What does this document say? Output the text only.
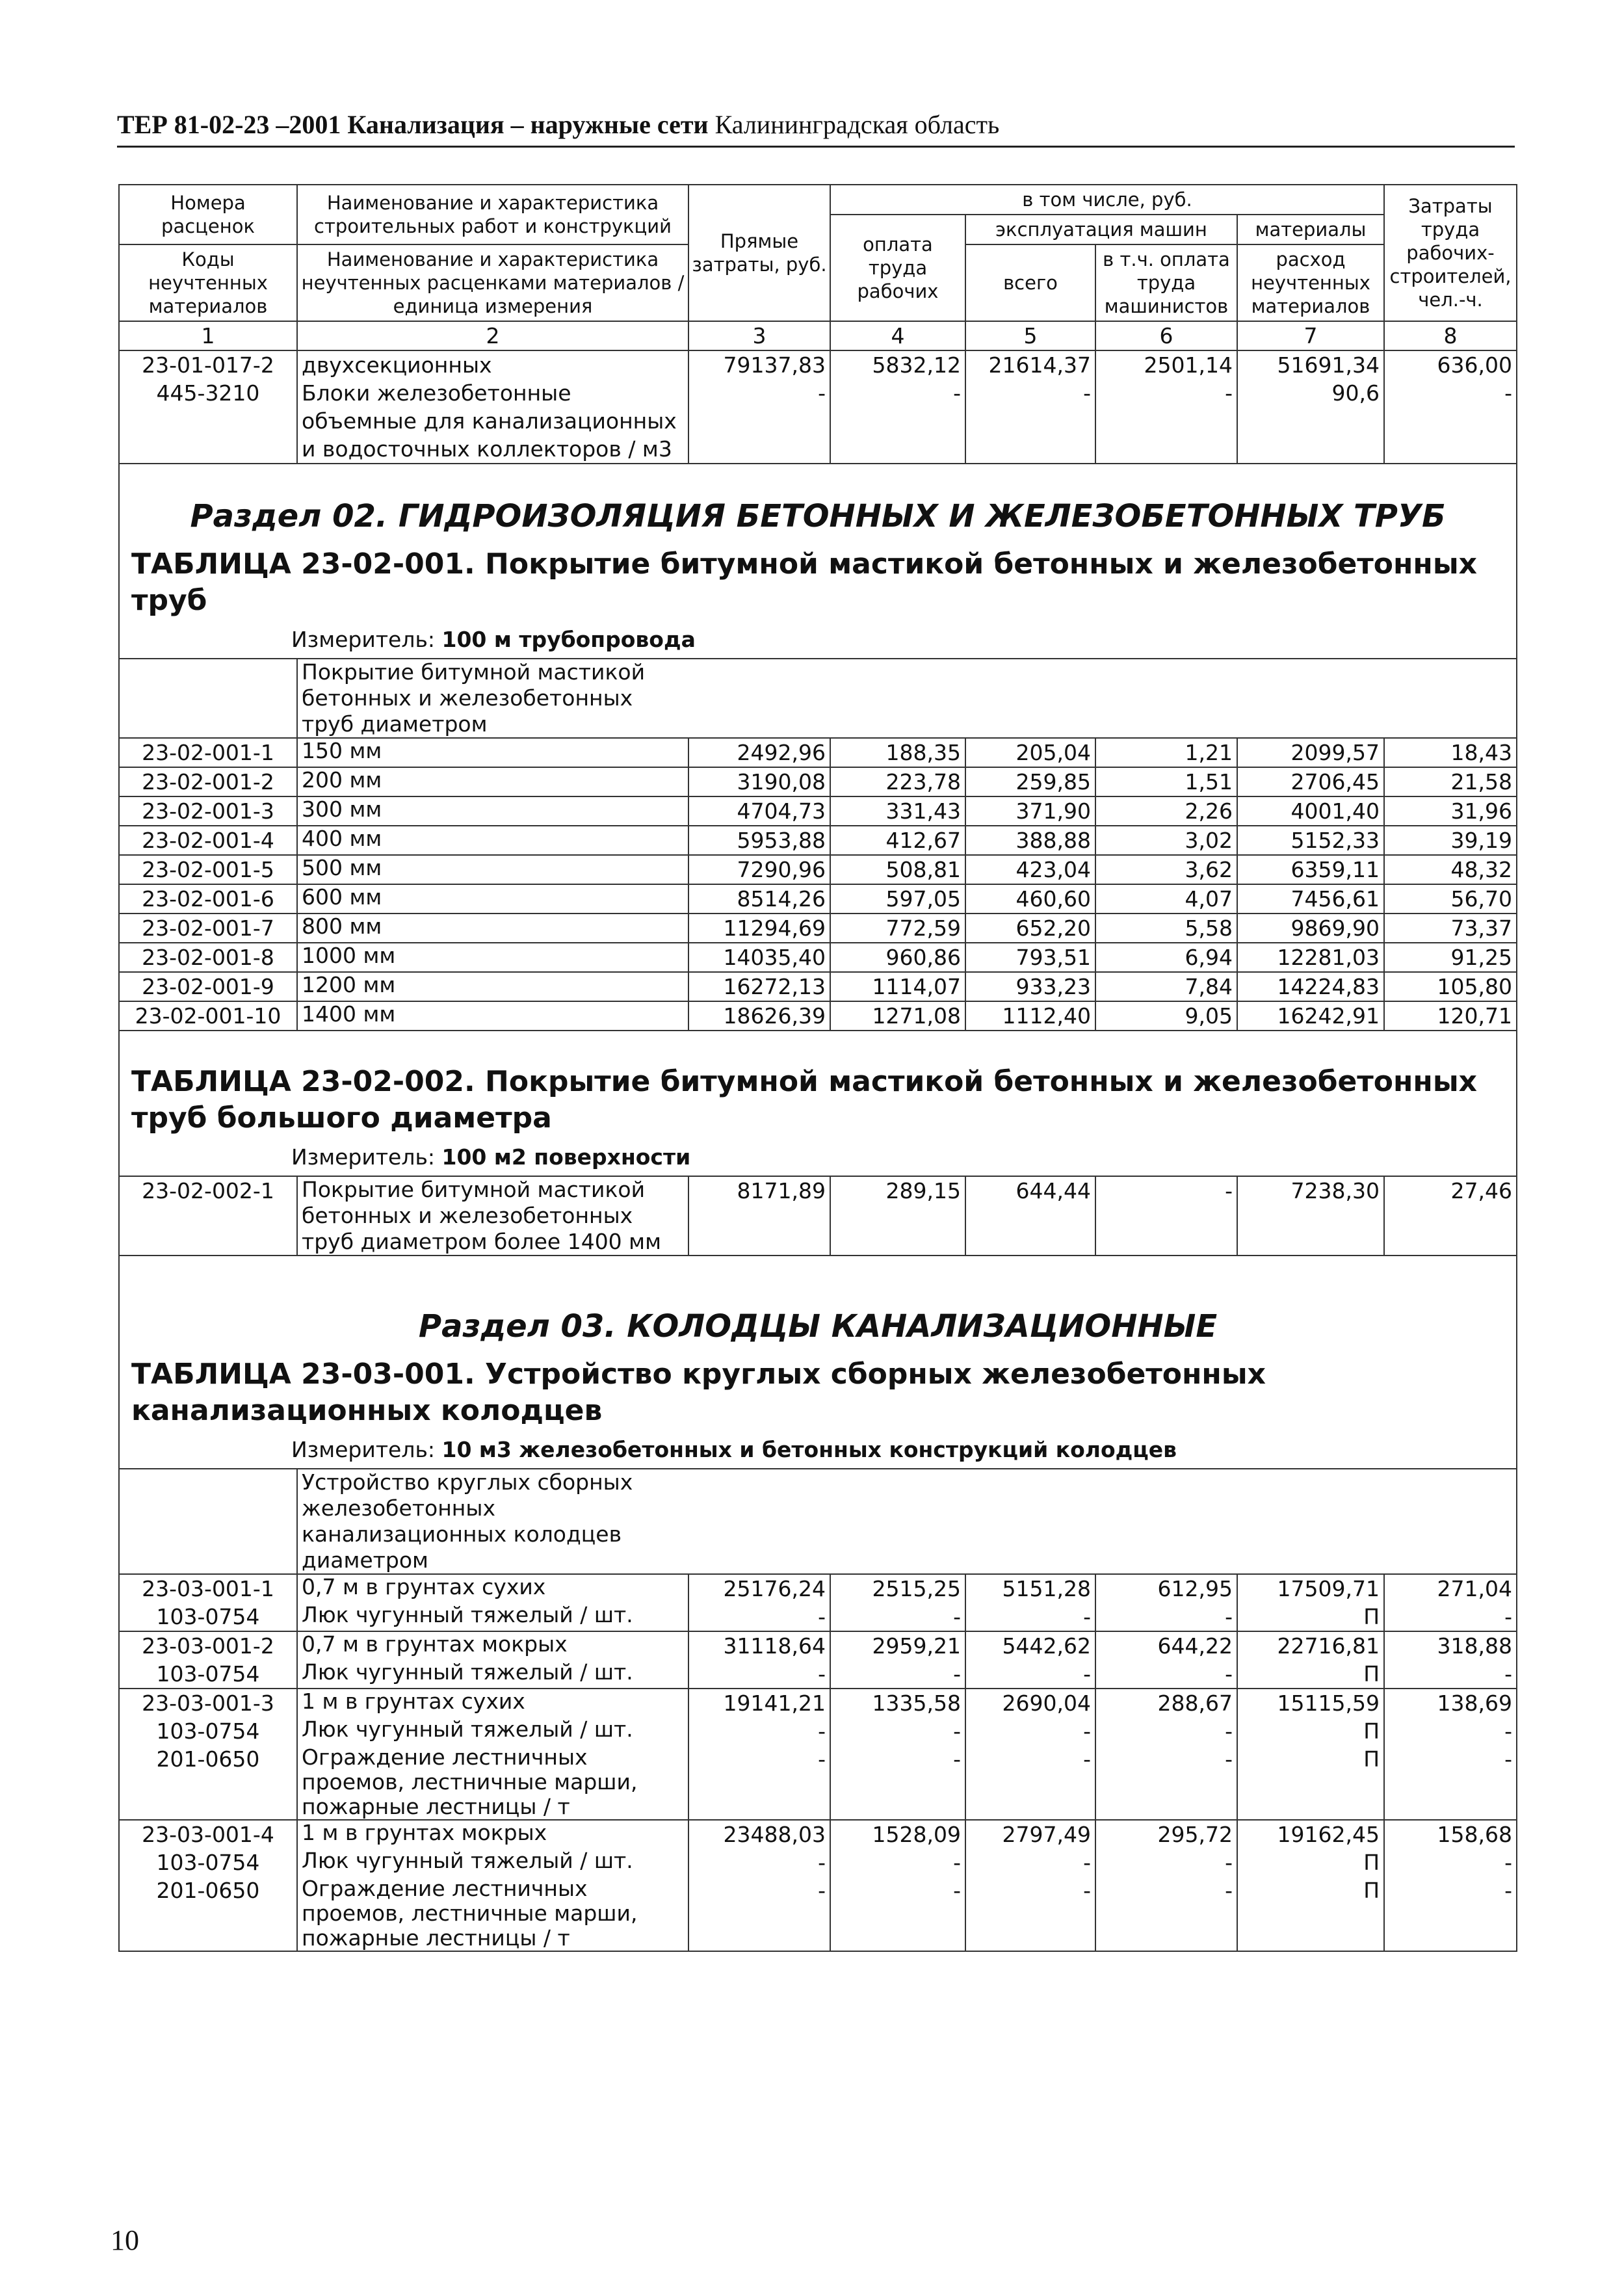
ТЕР 81-02-23 –2001 Канализация – наружные сети Калининградская область
Номера расценок	Наименование и характеристика строительных работ и конструкций	Прямые затраты, руб.	в том числе, руб.				Затраты труда рабочих-строителей, чел.-ч.
			оплата труда рабочих	эксплуатация машин		материалы	
Коды неучтенных материалов	Наименование и характеристика неучтенных расценками материалов / единица измерения			всего	в т.ч. оплата труда машинистов	расход неучтенных материалов	

1	2	3	4	5	6	7	8
23-01-017-2	двухсекционных	79137,83	5832,12	21614,37	2501,14	51691,34	636,00
445-3210	Блоки железобетонные объемные для канализационных и водосточных коллекторов / м3	-	-	-	-	90,6	-

Раздел 02. ГИДРОИЗОЛЯЦИЯ БЕТОННЫХ И ЖЕЛЕЗОБЕТОННЫХ ТРУБ
ТАБЛИЦА 23-02-001. Покрытие битумной мастикой бетонных и железобетонных труб
Измеритель: 100 м трубопровода							

	Покрытие битумной мастикой бетонных и железобетонных труб диаметром						

23-02-001-1	150 мм	2492,96	188,35	205,04	1,21	2099,57	18,43
23-02-001-2	200 мм	3190,08	223,78	259,85	1,51	2706,45	21,58
23-02-001-3	300 мм	4704,73	331,43	371,90	2,26	4001,40	31,96
23-02-001-4	400 мм	5953,88	412,67	388,88	3,02	5152,33	39,19
23-02-001-5	500 мм	7290,96	508,81	423,04	3,62	6359,11	48,32
23-02-001-6	600 мм	8514,26	597,05	460,60	4,07	7456,61	56,70
23-02-001-7	800 мм	11294,69	772,59	652,20	5,58	9869,90	73,37
23-02-001-8	1000 мм	14035,40	960,86	793,51	6,94	12281,03	91,25
23-02-001-9	1200 мм	16272,13	1114,07	933,23	7,84	14224,83	105,80
23-02-001-10	1400 мм	18626,39	1271,08	1112,40	9,05	16242,91	120,71

ТАБЛИЦА 23-02-002. Покрытие битумной мастикой бетонных и железобетонных труб большого диаметра
Измеритель: 100 м2 поверхности							

23-02-002-1	Покрытие битумной мастикой бетонных и железобетонных труб диаметром более 1400 мм	8171,89	289,15	644,44	-	7238,30	27,46

Раздел 03. КОЛОДЦЫ КАНАЛИЗАЦИОННЫЕ
ТАБЛИЦА 23-03-001. Устройство круглых сборных железобетонных канализационных колодцев
Измеритель: 10 м3 железобетонных и бетонных конструкций колодцев							

	Устройство круглых сборных железобетонных канализационных колодцев диаметром						

23-03-001-1	0,7 м в грунтах сухих	25176,24	2515,25	5151,28	612,95	17509,71	271,04
103-0754	Люк чугунный тяжелый / шт.	-	-	-	-	П	-
23-03-001-2	0,7 м в грунтах мокрых	31118,64	2959,21	5442,62	644,22	22716,81	318,88
103-0754	Люк чугунный тяжелый / шт.	-	-	-	-	П	-
23-03-001-3	1 м в грунтах сухих	19141,21	1335,58	2690,04	288,67	15115,59	138,69
103-0754	Люк чугунный тяжелый / шт.	-	-	-	-	П	-
201-0650	Ограждение лестничных проемов, лестничные марши, пожарные лестницы / т	-	-	-	-	П	-
23-03-001-4	1 м в грунтах мокрых	23488,03	1528,09	2797,49	295,72	19162,45	158,68
103-0754	Люк чугунный тяжелый / шт.	-	-	-	-	П	-
201-0650	Ограждение лестничных проемов, лестничные марши, пожарные лестницы / т	-	-	-	-	П	-
10
